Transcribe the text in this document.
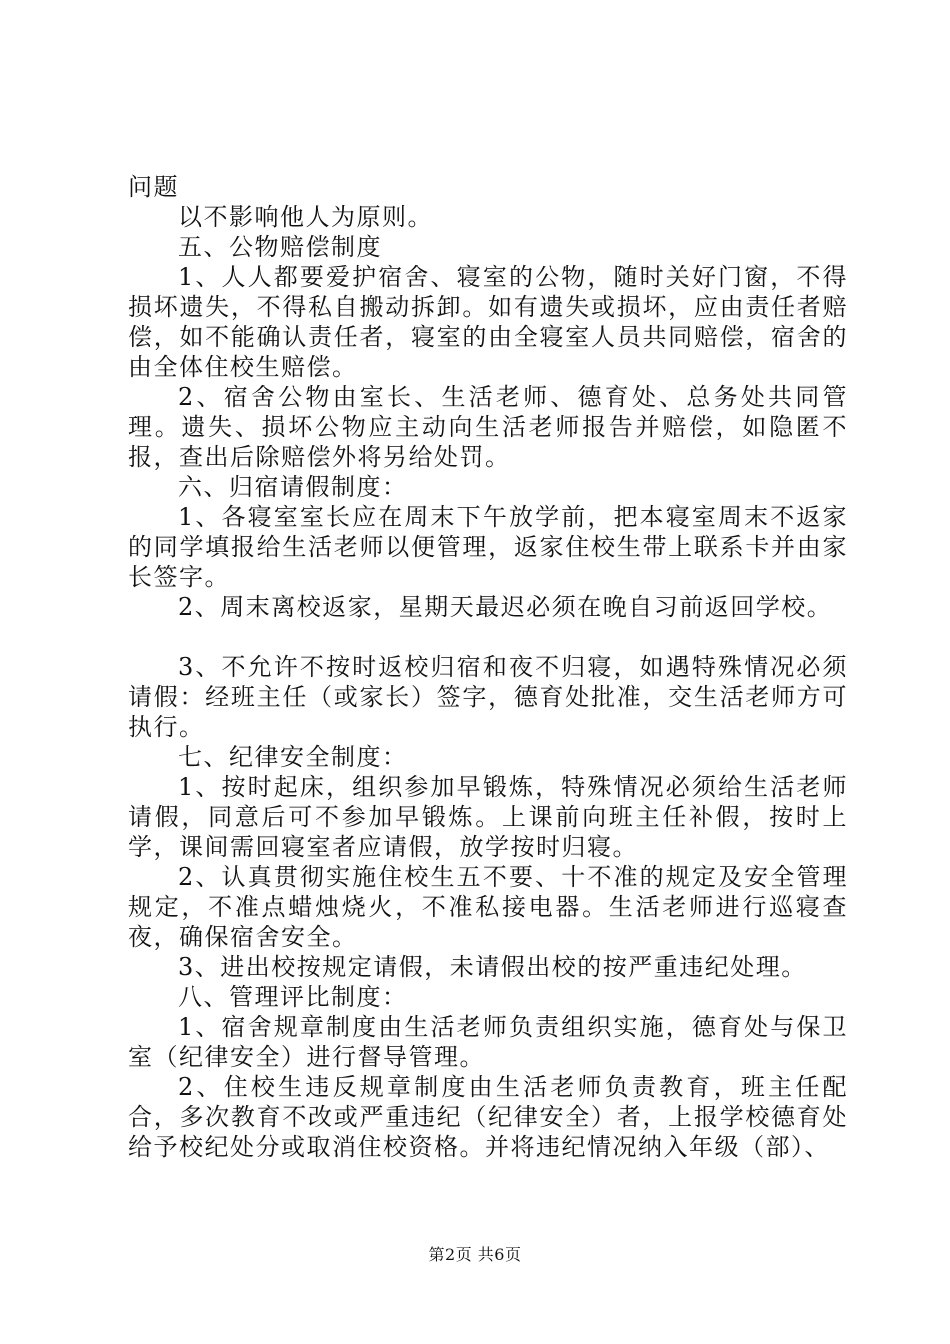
问题

以不影响他人为原则。

五、公物赔偿制度

1、人人都要爱护宿舍、寝室的公物，随时关好门窗，不得损坏遗失，不得私自搬动拆卸。如有遗失或损坏，应由责任者赔偿，如不能确认责任者，寝室的由全寝室人员共同赔偿，宿舍的由全体住校生赔偿。

2、宿舍公物由室长、生活老师、德育处、总务处共同管理。遗失、损坏公物应主动向生活老师报告并赔偿，如隐匿不报，查出后除赔偿外将另给处罚。

六、归宿请假制度：

1、各寝室室长应在周末下午放学前，把本寝室周末不返家的同学填报给生活老师以便管理，返家住校生带上联系卡并由家长签字。

2、周末离校返家，星期天最迟必须在晚自习前返回学校。

3、不允许不按时返校归宿和夜不归寝，如遇特殊情况必须请假：经班主任（或家长）签字，德育处批准，交生活老师方可执行。

七、纪律安全制度：

1、按时起床，组织参加早锻炼，特殊情况必须给生活老师请假，同意后可不参加早锻炼。上课前向班主任补假，按时上学，课间需回寝室者应请假，放学按时归寝。

2、认真贯彻实施住校生五不要、十不准的规定及安全管理规定，不准点蜡烛烧火，不准私接电器。生活老师进行巡寝查夜，确保宿舍安全。

3、进出校按规定请假，未请假出校的按严重违纪处理。

八、管理评比制度：

1、宿舍规章制度由生活老师负责组织实施，德育处与保卫室（纪律安全）进行督导管理。

2、住校生违反规章制度由生活老师负责教育，班主任配合，多次教育不改或严重违纪（纪律安全）者，上报学校德育处给予校纪处分或取消住校资格。并将违纪情况纳入年级（部）、

第2页 共6页
